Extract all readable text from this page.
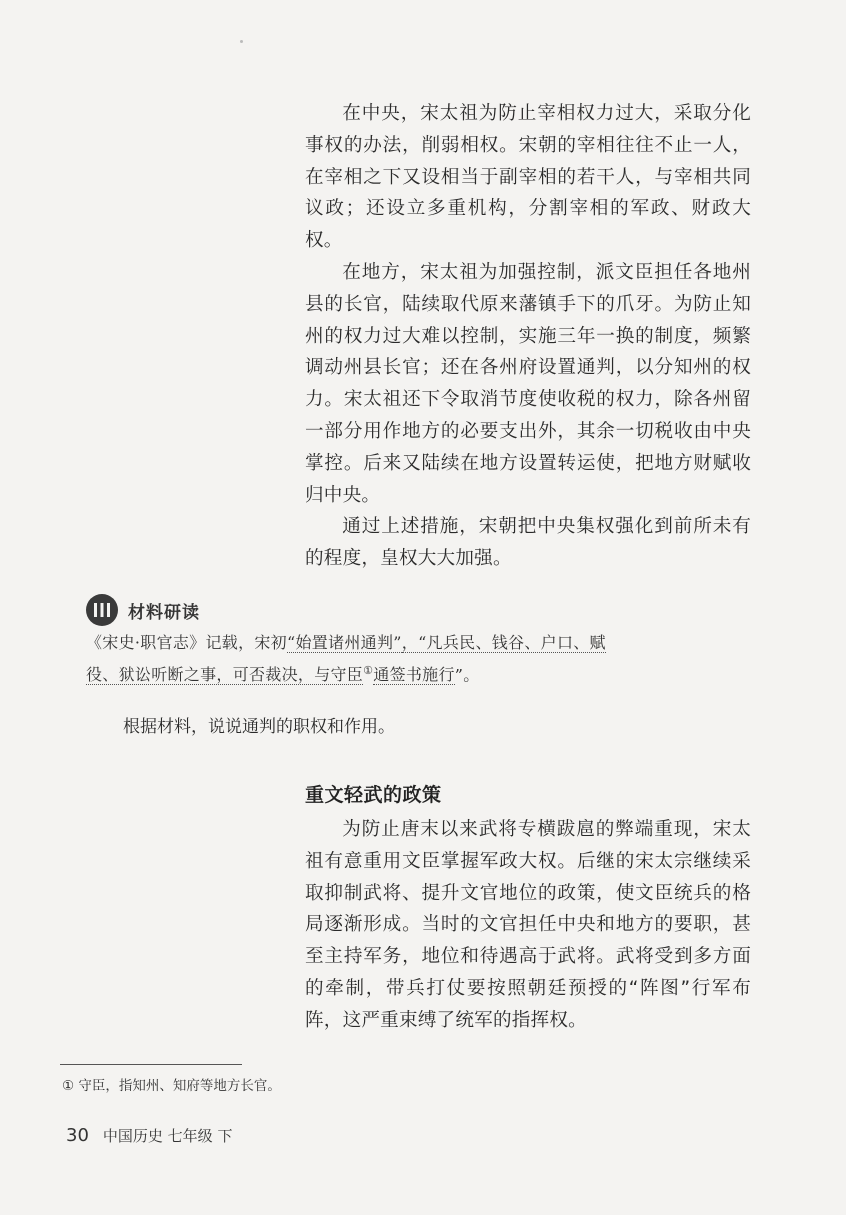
在中央，宋太祖为防止宰相权力过大，采取分化事权的办法，削弱相权。宋朝的宰相往往不止一人，在宰相之下又设相当于副宰相的若干人，与宰相共同议政；还设立多重机构，分割宰相的军政、财政大权。

在地方，宋太祖为加强控制，派文臣担任各地州县的长官，陆续取代原来藩镇手下的爪牙。为防止知州的权力过大难以控制，实施三年一换的制度，频繁调动州县长官；还在各州府设置通判，以分知州的权力。宋太祖还下令取消节度使收税的权力，除各州留一部分用作地方的必要支出外，其余一切税收由中央掌控。后来又陆续在地方设置转运使，把地方财赋收归中央。

通过上述措施，宋朝把中央集权强化到前所未有的程度，皇权大大加强。

材料研读

《宋史·职官志》记载，宋初“始置诸州通判”，“凡兵民、钱谷、户口、赋役、狱讼听断之事，可否裁决，与守臣①通签书施行”。

根据材料，说说通判的职权和作用。
重文轻武的政策

为防止唐末以来武将专横跋扈的弊端重现，宋太祖有意重用文臣掌握军政大权。后继的宋太宗继续采取抑制武将、提升文官地位的政策，使文臣统兵的格局逐渐形成。当时的文官担任中央和地方的要职，甚至主持军务，地位和待遇高于武将。武将受到多方面的牵制，带兵打仗要按照朝廷预授的“阵图”行军布阵，这严重束缚了统军的指挥权。

① 守臣，指知州、知府等地方长官。
30 中国历史 七年级 下
